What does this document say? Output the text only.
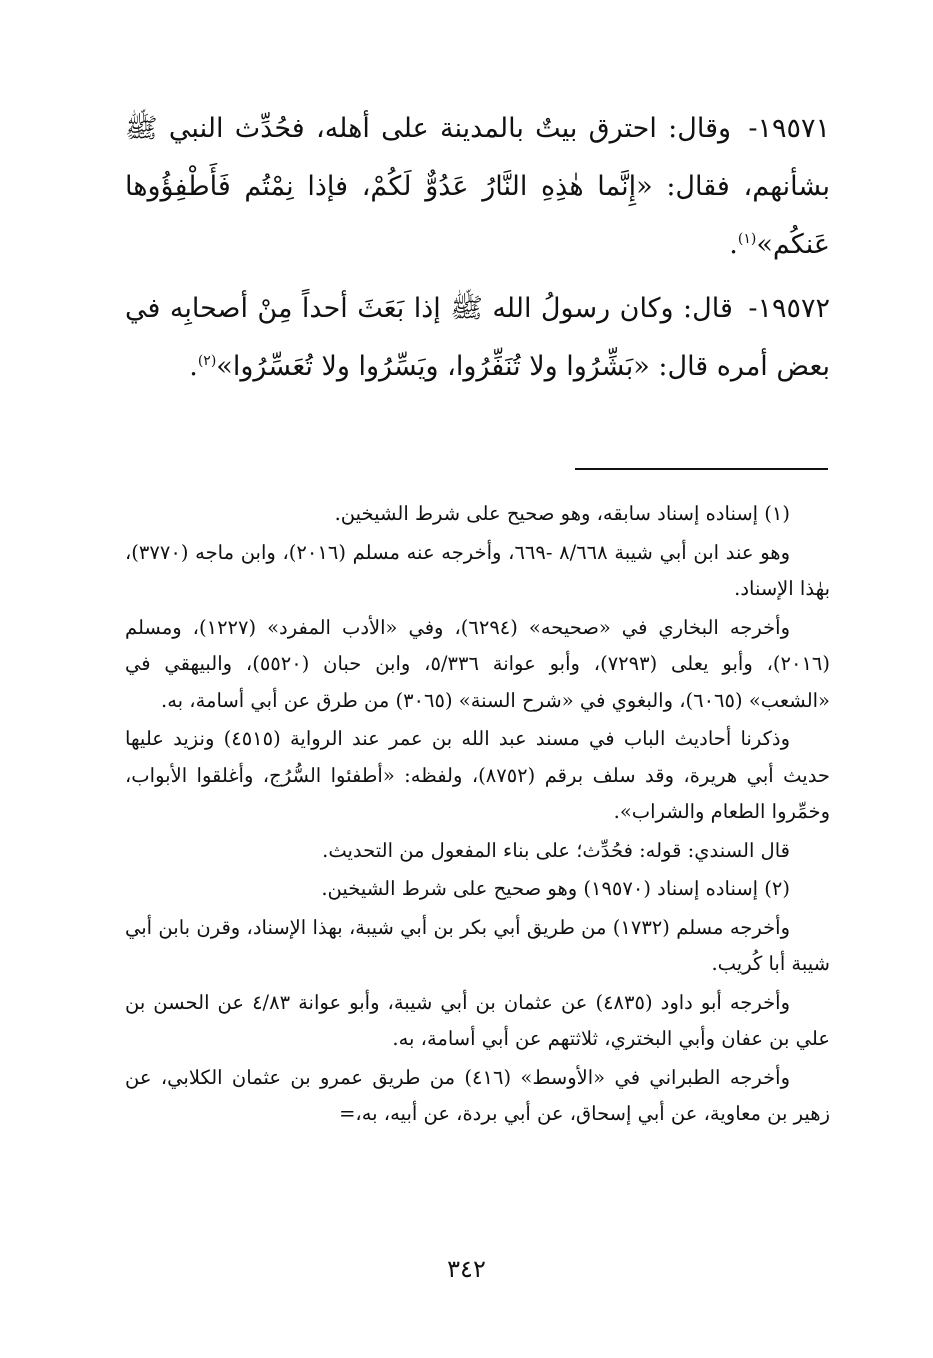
١٩٥٧١- وقال: احترق بيتٌ بالمدينة على أهله، فحُدِّث النبي ﷺ بشأنهم، فقال: «إِنَّما هٰذِهِ النَّارُ عَدُوٌّ لَكُمْ، فإذا نِمْتُم فَأَطْفِؤُوها عَنكُم»$^{(١)}$.

١٩٥٧٢- قال: وكان رسولُ الله ﷺ إذا بَعَثَ أحداً مِنْ أصحابِه في بعض أمره قال: «بَشِّرُوا ولا تُنَفِّرُوا، ويَسِّرُوا ولا تُعَسِّرُوا»$^{(٢)}$.

(١) إسناده إسناد سابقه، وهو صحيح على شرط الشيخين.

وهو عند ابن أبي شيبة ٨/٦٦٨ -٦٦٩، وأخرجه عنه مسلم (٢٠١٦)، وابن ماجه (٣٧٧٠)، بهٰذا الإسناد.

وأخرجه البخاري في «صحيحه» (٦٢٩٤)، وفي «الأدب المفرد» (١٢٢٧)، ومسلم (٢٠١٦)، وأبو يعلى (٧٢٩٣)، وأبو عوانة ٥/٣٣٦، وابن حبان (٥٥٢٠)، والبيهقي في «الشعب» (٦٠٦٥)، والبغوي في «شرح السنة» (٣٠٦٥) من طرق عن أبي أسامة، به.

وذكرنا أحاديث الباب في مسند عبد الله بن عمر عند الرواية (٤٥١٥) ونزيد عليها حديث أبي هريرة، وقد سلف برقم (٨٧٥٢)، ولفظه: «أطفئوا السُّرُج، وأغلقوا الأبواب، وخمِّروا الطعام والشراب».

قال السندي: قوله: فحُدِّث؛ على بناء المفعول من التحديث.

(٢) إسناده إسناد (١٩٥٧٠) وهو صحيح على شرط الشيخين.

وأخرجه مسلم (١٧٣٢) من طريق أبي بكر بن أبي شيبة، بهذا الإسناد، وقرن بابن أبي شيبة أبا كُريب.

وأخرجه أبو داود (٤٨٣٥) عن عثمان بن أبي شيبة، وأبو عوانة ٤/٨٣ عن الحسن بن علي بن عفان وأبي البختري، ثلاثتهم عن أبي أسامة، به.

وأخرجه الطبراني في «الأوسط» (٤١٦) من طريق عمرو بن عثمان الكلابي، عن زهير بن معاوية، عن أبي إسحاق، عن أبي بردة، عن أبيه، به،=

٣٤٢
